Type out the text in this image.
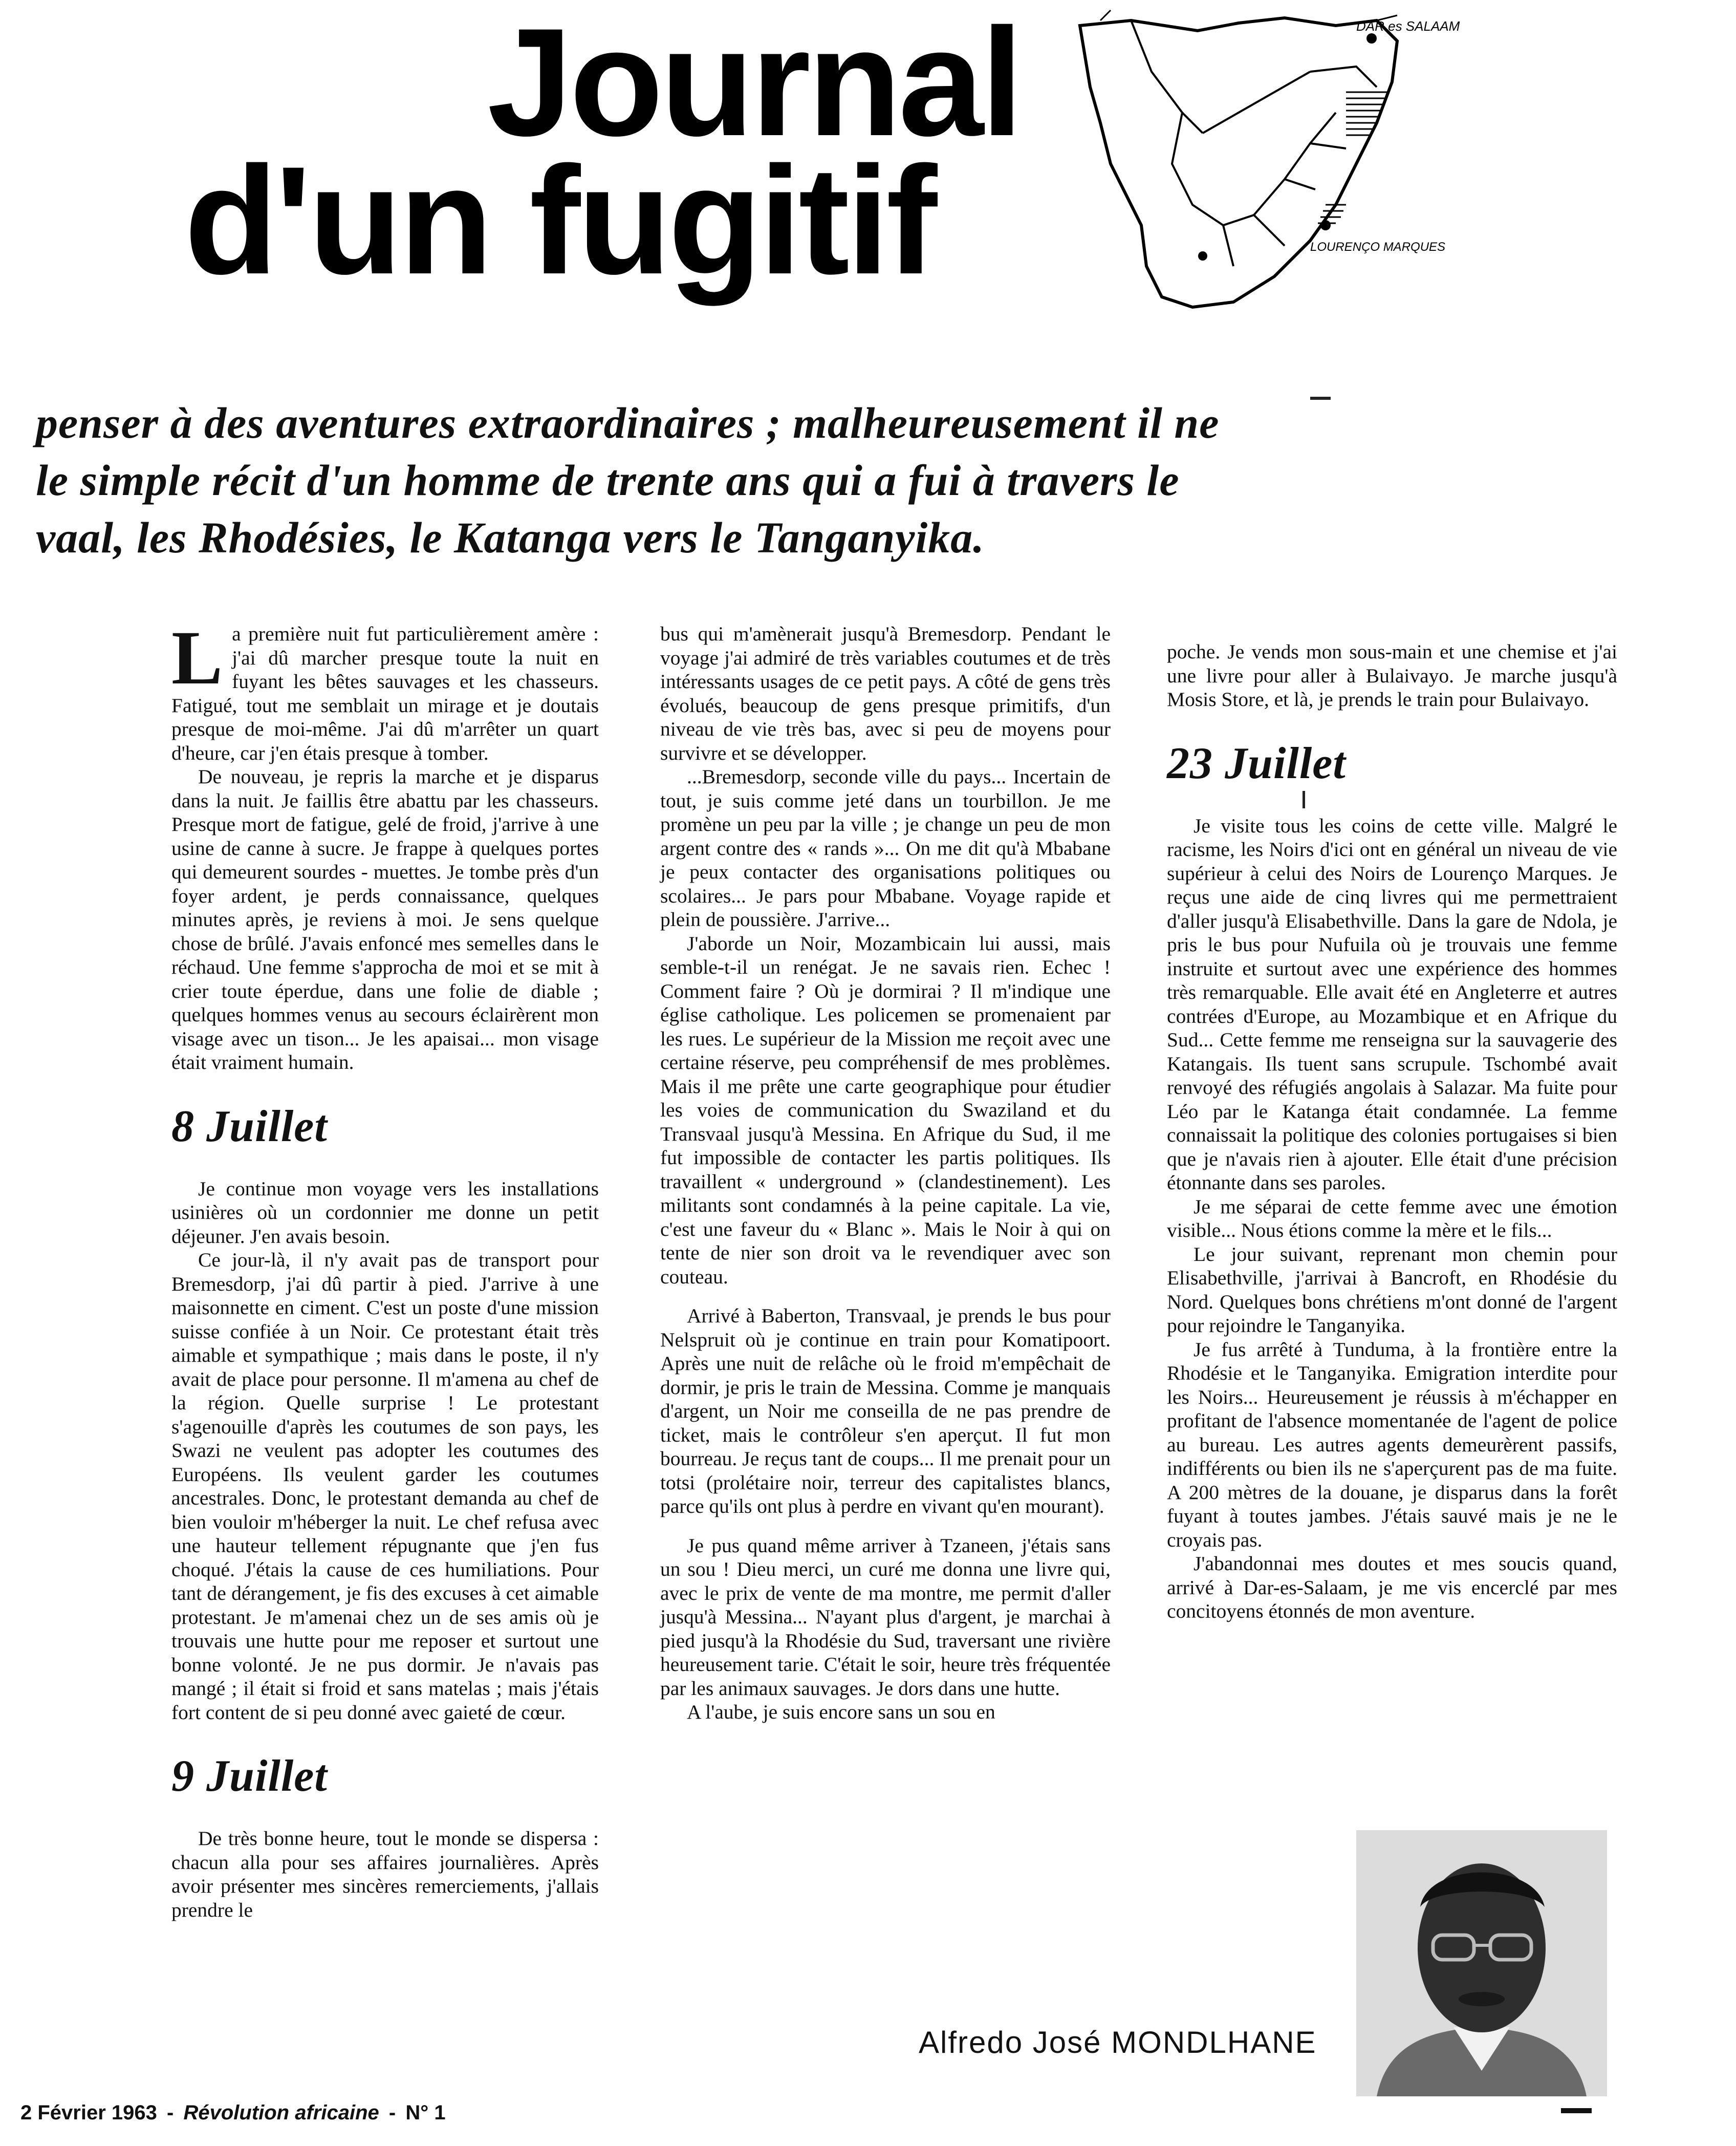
Journal
d'un fugitif
DAR es SALAAM
LOURENÇO MARQUES
penser à des aventures extraordinaires ; malheureusement il ne
le simple récit d'un homme de trente ans qui a fui à travers le
vaal, les Rhodésies, le Katanga vers le Tanganyika.

La première nuit fut particulièrement amère : j'ai dû marcher presque toute la nuit en fuyant les bêtes sauvages et les chasseurs. Fatigué, tout me semblait un mirage et je doutais presque de moi-même. J'ai dû m'arrêter un quart d'heure, car j'en étais presque à tomber.

De nouveau, je repris la marche et je disparus dans la nuit. Je faillis être abattu par les chasseurs. Presque mort de fatigue, gelé de froid, j'arrive à une usine de canne à sucre. Je frappe à quelques portes qui demeurent sourdes - muettes. Je tombe près d'un foyer ardent, je perds connaissance, quelques minutes après, je reviens à moi. Je sens quelque chose de brûlé. J'avais enfoncé mes semelles dans le réchaud. Une femme s'approcha de moi et se mit à crier toute éperdue, dans une folie de diable ; quelques hommes venus au secours éclairèrent mon visage avec un tison... Je les apaisai... mon visage était vraiment humain.

8 Juillet

Je continue mon voyage vers les installations usinières où un cordonnier me donne un petit déjeuner. J'en avais besoin.

Ce jour-là, il n'y avait pas de transport pour Bremesdorp, j'ai dû partir à pied. J'arrive à une maisonnette en ciment. C'est un poste d'une mission suisse confiée à un Noir. Ce protestant était très aimable et sympathique ; mais dans le poste, il n'y avait de place pour personne. Il m'amena au chef de la région. Quelle surprise ! Le protestant s'agenouille d'après les coutumes de son pays, les Swazi ne veulent pas adopter les coutumes des Européens. Ils veulent garder les coutumes ancestrales. Donc, le protestant demanda au chef de bien vouloir m'héberger la nuit. Le chef refusa avec une hauteur tellement répugnante que j'en fus choqué. J'étais la cause de ces humiliations. Pour tant de dérangement, je fis des excuses à cet aimable protestant. Je m'amenai chez un de ses amis où je trouvais une hutte pour me reposer et surtout une bonne volonté. Je ne pus dormir. Je n'avais pas mangé ; il était si froid et sans matelas ; mais j'étais fort content de si peu donné avec gaieté de cœur.

9 Juillet

De très bonne heure, tout le monde se dispersa : chacun alla pour ses affaires journalières. Après avoir présenter mes sincères remerciements, j'allais prendre le

bus qui m'amènerait jusqu'à Bremesdorp. Pendant le voyage j'ai admiré de très variables coutumes et de très intéressants usages de ce petit pays. A côté de gens très évolués, beaucoup de gens presque primitifs, d'un niveau de vie très bas, avec si peu de moyens pour survivre et se développer.

...Bremesdorp, seconde ville du pays... Incertain de tout, je suis comme jeté dans un tourbillon. Je me promène un peu par la ville ; je change un peu de mon argent contre des « rands »... On me dit qu'à Mbabane je peux contacter des organisations politiques ou scolaires... Je pars pour Mbabane. Voyage rapide et plein de poussière. J'arrive...

J'aborde un Noir, Mozambicain lui aussi, mais semble-t-il un renégat. Je ne savais rien. Echec ! Comment faire ? Où je dormirai ? Il m'indique une église catholique. Les policemen se promenaient par les rues. Le supérieur de la Mission me reçoit avec une certaine réserve, peu compréhensif de mes problèmes. Mais il me prête une carte geographique pour étudier les voies de communication du Swaziland et du Transvaal jusqu'à Messina. En Afrique du Sud, il me fut impossible de contacter les partis politiques. Ils travaillent « underground » (clandestinement). Les militants sont condamnés à la peine capitale. La vie, c'est une faveur du « Blanc ». Mais le Noir à qui on tente de nier son droit va le revendiquer avec son couteau.

Arrivé à Baberton, Transvaal, je prends le bus pour Nelspruit où je continue en train pour Komatipoort. Après une nuit de relâche où le froid m'empêchait de dormir, je pris le train de Messina. Comme je manquais d'argent, un Noir me conseilla de ne pas prendre de ticket, mais le contrôleur s'en aperçut. Il fut mon bourreau. Je reçus tant de coups... Il me prenait pour un totsi (prolétaire noir, terreur des capitalistes blancs, parce qu'ils ont plus à perdre en vivant qu'en mourant).

Je pus quand même arriver à Tzaneen, j'étais sans un sou ! Dieu merci, un curé me donna une livre qui, avec le prix de vente de ma montre, me permit d'aller jusqu'à Messina... N'ayant plus d'argent, je marchai à pied jusqu'à la Rhodésie du Sud, traversant une rivière heureusement tarie. C'était le soir, heure très fréquentée par les animaux sauvages. Je dors dans une hutte.

A l'aube, je suis encore sans un sou en

poche. Je vends mon sous-main et une chemise et j'ai une livre pour aller à Bulaivayo. Je marche jusqu'à Mosis Store, et là, je prends le train pour Bulaivayo.

23 Juillet

Je visite tous les coins de cette ville. Malgré le racisme, les Noirs d'ici ont en général un niveau de vie supérieur à celui des Noirs de Lourenço Marques. Je reçus une aide de cinq livres qui me permettraient d'aller jusqu'à Elisabethville. Dans la gare de Ndola, je pris le bus pour Nufuila où je trouvais une femme instruite et surtout avec une expérience des hommes très remarquable. Elle avait été en Angleterre et autres contrées d'Europe, au Mozambique et en Afrique du Sud... Cette femme me renseigna sur la sauvagerie des Katangais. Ils tuent sans scrupule. Tschombé avait renvoyé des réfugiés angolais à Salazar. Ma fuite pour Léo par le Katanga était condamnée. La femme connaissait la politique des colonies portugaises si bien que je n'avais rien à ajouter. Elle était d'une précision étonnante dans ses paroles.

Je me séparai de cette femme avec une émotion visible... Nous étions comme la mère et le fils...

Le jour suivant, reprenant mon chemin pour Elisabethville, j'arrivai à Bancroft, en Rhodésie du Nord. Quelques bons chrétiens m'ont donné de l'argent pour rejoindre le Tanganyika.

Je fus arrêté à Tunduma, à la frontière entre la Rhodésie et le Tanganyika. Emigration interdite pour les Noirs... Heureusement je réussis à m'échapper en profitant de l'absence momentanée de l'agent de police au bureau. Les autres agents demeurèrent passifs, indifférents ou bien ils ne s'aperçurent pas de ma fuite. A 200 mètres de la douane, je disparus dans la forêt fuyant à toutes jambes. J'étais sauvé mais je ne le croyais pas.

J'abandonnai mes doutes et mes soucis quand, arrivé à Dar-es-Salaam, je me vis encerclé par mes concitoyens étonnés de mon aventure.

Alfredo José MONDLHANE
2 Février 1963 - Révolution africaine - N° 1
